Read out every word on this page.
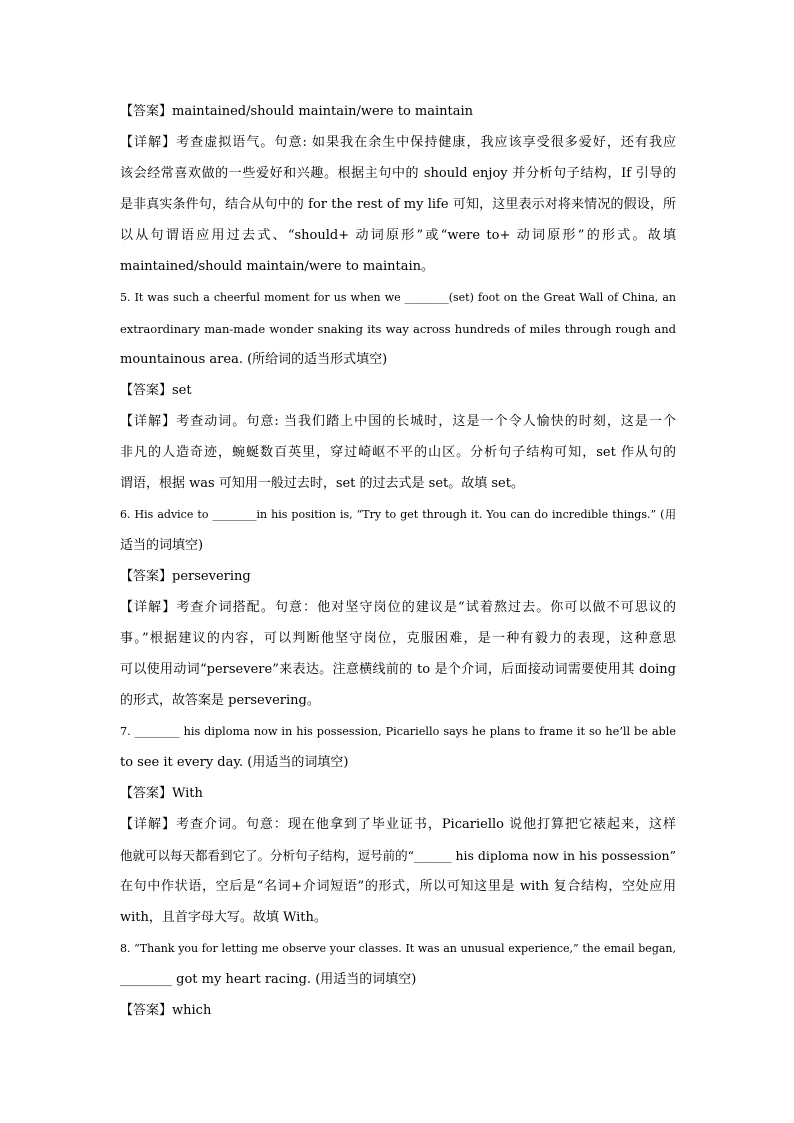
【答案】maintained/should maintain/were to maintain
【详解】考查虚拟语气。句意: 如果我在余生中保持健康，我应该享受很多爱好，还有我应
该会经常喜欢做的一些爱好和兴趣。根据主句中的 should enjoy 并分析句子结构，If 引导的
是非真实条件句，结合从句中的 for the rest of my life 可知，这里表示对将来情况的假设，所
以从句谓语应用过去式、“should+ 动词原形”或“were to+ 动词原形”的形式。故填
maintained/should maintain/were to maintain。
5. It was such a cheerful moment for us when we ________(set) foot on the Great Wall of China, an
extraordinary man-made wonder snaking its way across hundreds of miles through rough and
mountainous area. (所给词的适当形式填空)
【答案】set
【详解】考查动词。句意: 当我们踏上中国的长城时，这是一个令人愉快的时刻，这是一个
非凡的人造奇迹，蜿蜒数百英里，穿过崎岖不平的山区。分析句子结构可知，set 作从句的
谓语，根据 was 可知用一般过去时，set 的过去式是 set。故填 set。
6. His advice to ________in his position is, “Try to get through it. You can do incredible things.” (用
适当的词填空)
【答案】persevering
【详解】考查介词搭配。句意：他对坚守岗位的建议是“试着熬过去。你可以做不可思议的
事。”根据建议的内容，可以判断他坚守岗位，克服困难，是一种有毅力的表现，这种意思
可以使用动词“persevere”来表达。注意横线前的 to 是个介词，后面接动词需要使用其 doing
的形式，故答案是 persevering。
7. ________ his diploma now in his possession, Picariello says he plans to frame it so he’ll be able
to see it every day. (用适当的词填空)
【答案】With
【详解】考查介词。句意：现在他拿到了毕业证书，Picariello 说他打算把它裱起来，这样
他就可以每天都看到它了。分析句子结构，逗号前的“______ his diploma now in his possession”
在句中作状语，空后是“名词+介词短语”的形式，所以可知这里是 with 复合结构，空处应用
with，且首字母大写。故填 With。
8. “Thank you for letting me observe your classes. It was an unusual experience,” the email began,
________ got my heart racing. (用适当的词填空)
【答案】which
